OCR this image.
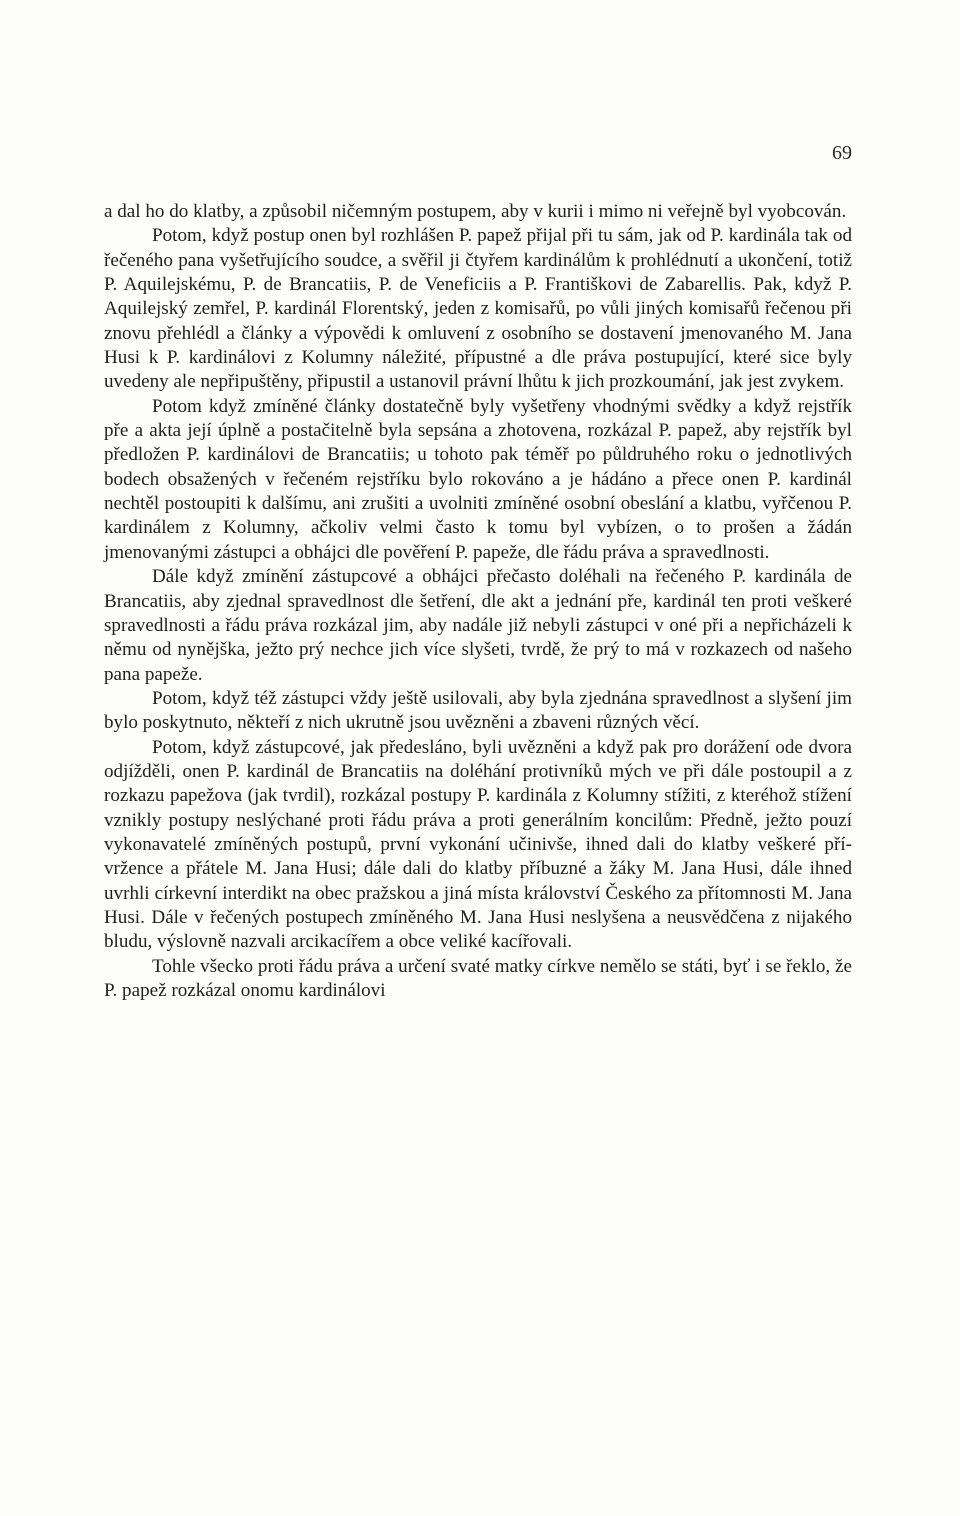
69

a dal ho do klatby, a způsobil ničemným postupem, aby v kurii i mimo ni veřejně byl vyobcován.

Potom, když postup onen byl rozhlášen P. papež přijal při tu sám, jak od P. kardinála tak od řečeného pana vyšetřujícího soudce, a svěřil ji čtyřem kardinálům k prohlédnutí a ukončení, totiž P. Aquilejskému, P. de Brancatiis, P. de Veneficiis a P. Františkovi de Zabarellis. Pak, když P. Aquilejský zemřel, P. kardinál Florentský, jeden z komisařů, po vůli jiných komisařů řečenou při znovu přehlédl a články a výpovědi k omluvení z osobního se dostavení jmenovaného M. Jana Husi k P. kardinálovi z Kolumny náležité, přípustné a dle práva postupující, které sice byly uvedeny ale nepřipuštěny, připustil a ustanovil právní lhůtu k jich prozkoumání, jak jest zvykem.

Potom když zmíněné články dostatečně byly vyšetřeny vhodnými svědky a když rejstřík pře a akta její úplně a postačitelně byla sepsána a zhotovena, rozkázal P. papež, aby rejstřík byl předložen P. kardinálovi de Brancatiis; u tohoto pak téměř po půldruhého roku o jednotlivých bodech obsažených v řečeném rejstříku bylo rokováno a je hádáno a přece onen P. kardinál nechtěl postoupiti k dalšímu, ani zrušiti a uvolniti zmíněné osobní obeslání a klatbu, vyřčenou P. kardinálem z Kolumny, ačkoliv velmi často k tomu byl vybízen, o to prošen a žádán jmenovanými zástupci a obhájci dle pověření P. papeže, dle řádu práva a spravedlnosti.

Dále když zmínění zástupcové a obhájci přečasto doléhali na řečeného P. kardinála de Brancatiis, aby zjednal spravedlnost dle šetření, dle akt a jednání pře, kardinál ten proti veškeré spravedlnosti a řádu práva rozkázal jim, aby nadále již nebyli zástupci v oné při a nepřicházeli k němu od nynějška, ježto prý nechce jich více slyšeti, tvrdě, že prý to má v rozkazech od našeho pana papeže.

Potom, když též zástupci vždy ještě usilovali, aby byla zjednána spravedlnost a slyšení jim bylo poskytnuto, někteří z nich ukrutně jsou uvězněni a zbaveni různých věcí.

Potom, když zástupcové, jak předesláno, byli uvězněni a když pak pro dorážení ode dvora odjížděli, onen P. kardinál de Brancatiis na doléhání protivníků mých ve při dále postoupil a z rozkazu papežova (jak tvrdil), rozkázal postupy P. kardinála z Kolumny stížiti, z kteréhož stížení vznikly postupy neslýchané proti řádu práva a proti generálním koncilům: Předně, ježto pouzí vykonavatelé zmíněných postupů, první vykonání učinivše, ihned dali do klatby veškeré přívržence a přátele M. Jana Husi; dále dali do klatby příbuzné a žáky M. Jana Husi, dále ihned uvrhli církevní interdikt na obec pražskou a jiná místa království Českého za přítomnosti M. Jana Husi. Dále v řečených postupech zmíněného M. Jana Husi neslyšena a neusvědčena z nijakého bludu, výslovně nazvali arcikacířem a obce veliké kacířovali.

Tohle všecko proti řádu práva a určení svaté matky církve nemělo se státi, byť i se řeklo, že P. papež rozkázal onomu kardinálovi
